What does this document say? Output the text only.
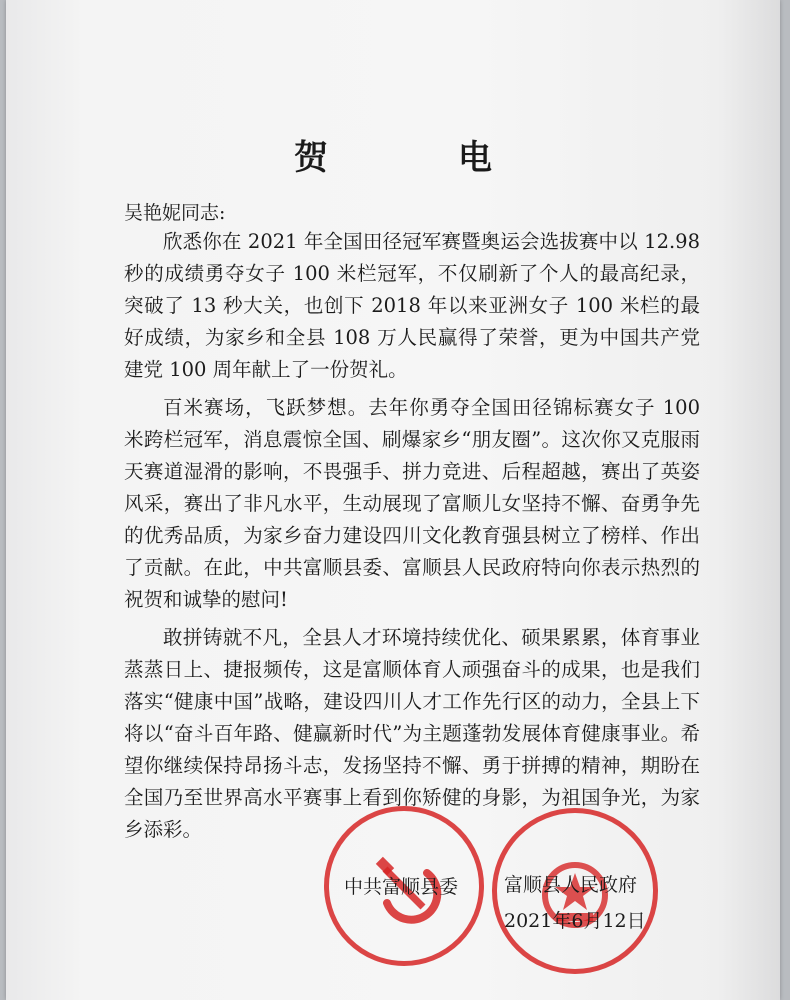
贺　电
吴艳妮同志:

欣悉你在 2021 年全国田径冠军赛暨奥运会选拔赛中以 12.98 秒的成绩勇夺女子 100 米栏冠军，不仅刷新了个人的最高纪录，突破了 13 秒大关，也创下 2018 年以来亚洲女子 100 米栏的最好成绩，为家乡和全县 108 万人民赢得了荣誉，更为中国共产党建党 100 周年献上了一份贺礼。

百米赛场，飞跃梦想。去年你勇夺全国田径锦标赛女子 100 米跨栏冠军，消息震惊全国、刷爆家乡“朋友圈”。这次你又克服雨天赛道湿滑的影响，不畏强手、拼力竞进、后程超越，赛出了英姿风采，赛出了非凡水平，生动展现了富顺儿女坚持不懈、奋勇争先的优秀品质，为家乡奋力建设四川文化教育强县树立了榜样、作出了贡献。在此，中共富顺县委、富顺县人民政府特向你表示热烈的祝贺和诚挚的慰问!

敢拼铸就不凡，全县人才环境持续优化、硕果累累，体育事业蒸蒸日上、捷报频传，这是富顺体育人顽强奋斗的成果，也是我们落实“健康中国”战略，建设四川人才工作先行区的动力，全县上下将以“奋斗百年路、健赢新时代”为主题蓬勃发展体育健康事业。希望你继续保持昂扬斗志，发扬坚持不懈、勇于拼搏的精神，期盼在全国乃至世界高水平赛事上看到你矫健的身影，为祖国争光，为家乡添彩。

中共富顺县委 富顺县人民政府
2021年6月12日
